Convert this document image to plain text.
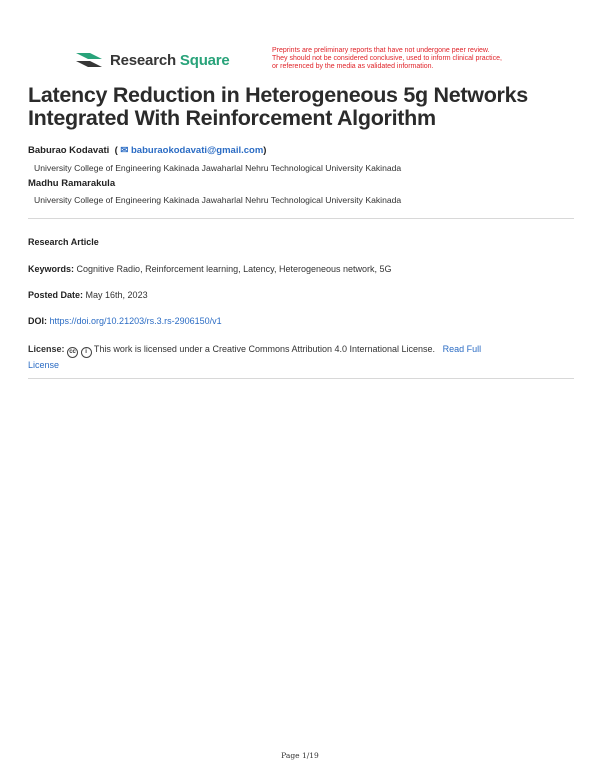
Research Square
Preprints are preliminary reports that have not undergone peer review.
They should not be considered conclusive, used to inform clinical practice,
or referenced by the media as validated information.
Latency Reduction in Heterogeneous 5g Networks
Integrated With Reinforcement Algorithm
Baburao Kodavati  ( ✉ baburaokodavati@gmail.com)
University College of Engineering Kakinada Jawaharlal Nehru Technological University Kakinada
Madhu Ramarakula
University College of Engineering Kakinada Jawaharlal Nehru Technological University Kakinada
Research Article
Keywords: Cognitive Radio, Reinforcement learning, Latency, Heterogeneous network, 5G
Posted Date: May 16th, 2023
DOI: https://doi.org/10.21203/rs.3.rs-2906150/v1
License: cc i This work is licensed under a Creative Commons Attribution 4.0 International License. Read Full
License
Page 1/19
